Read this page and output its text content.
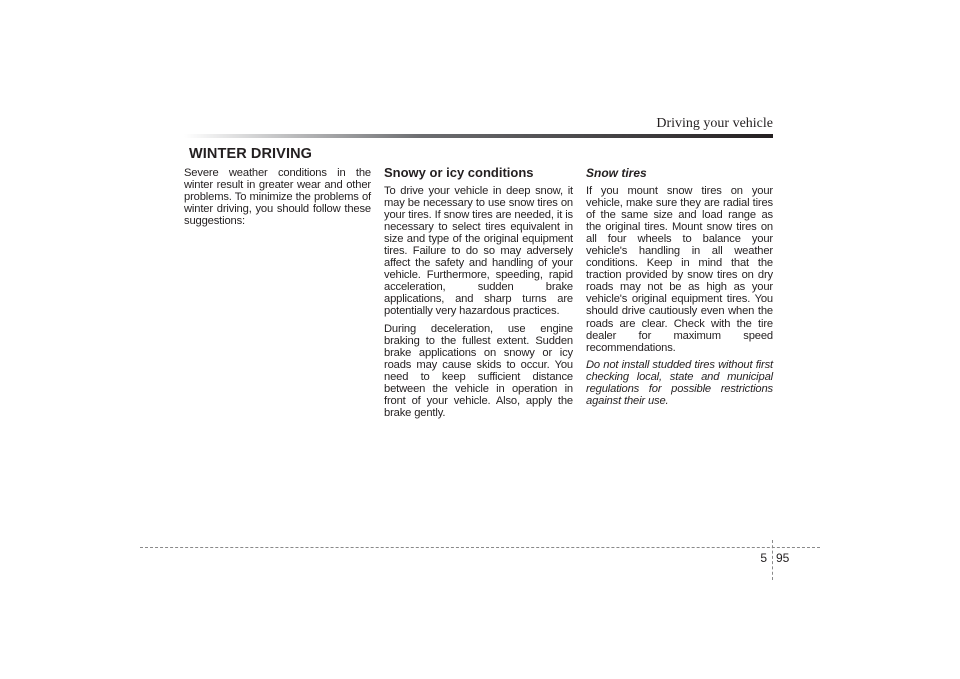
Driving your vehicle
WINTER DRIVING

Severe weather conditions in the winter result in greater wear and other problems. To minimize the problems of winter driving, you should follow these suggestions:

Snowy or icy conditions

To drive your vehicle in deep snow, it may be necessary to use snow tires on your tires. If snow tires are needed, it is necessary to select tires equivalent in size and type of the original equipment tires. Failure to do so may adversely affect the safety and handling of your vehicle. Furthermore, speeding, rapid acceleration, sudden brake applications, and sharp turns are potentially very hazardous practices.

During deceleration, use engine braking to the fullest extent. Sudden brake applications on snowy or icy roads may cause skids to occur. You need to keep sufficient distance between the vehicle in operation in front of your vehicle. Also, apply the brake gently.

Snow tires

If you mount snow tires on your vehicle, make sure they are radial tires of the same size and load range as the original tires. Mount snow tires on all four wheels to balance your vehicle's handling in all weather conditions. Keep in mind that the traction provided by snow tires on dry roads may not be as high as your vehicle's original equipment tires. You should drive cautiously even when the roads are clear. Check with the tire dealer for maximum speed recommendations.

Do not install studded tires without first checking local, state and municipal regulations for possible restrictions against their use.

5 95
